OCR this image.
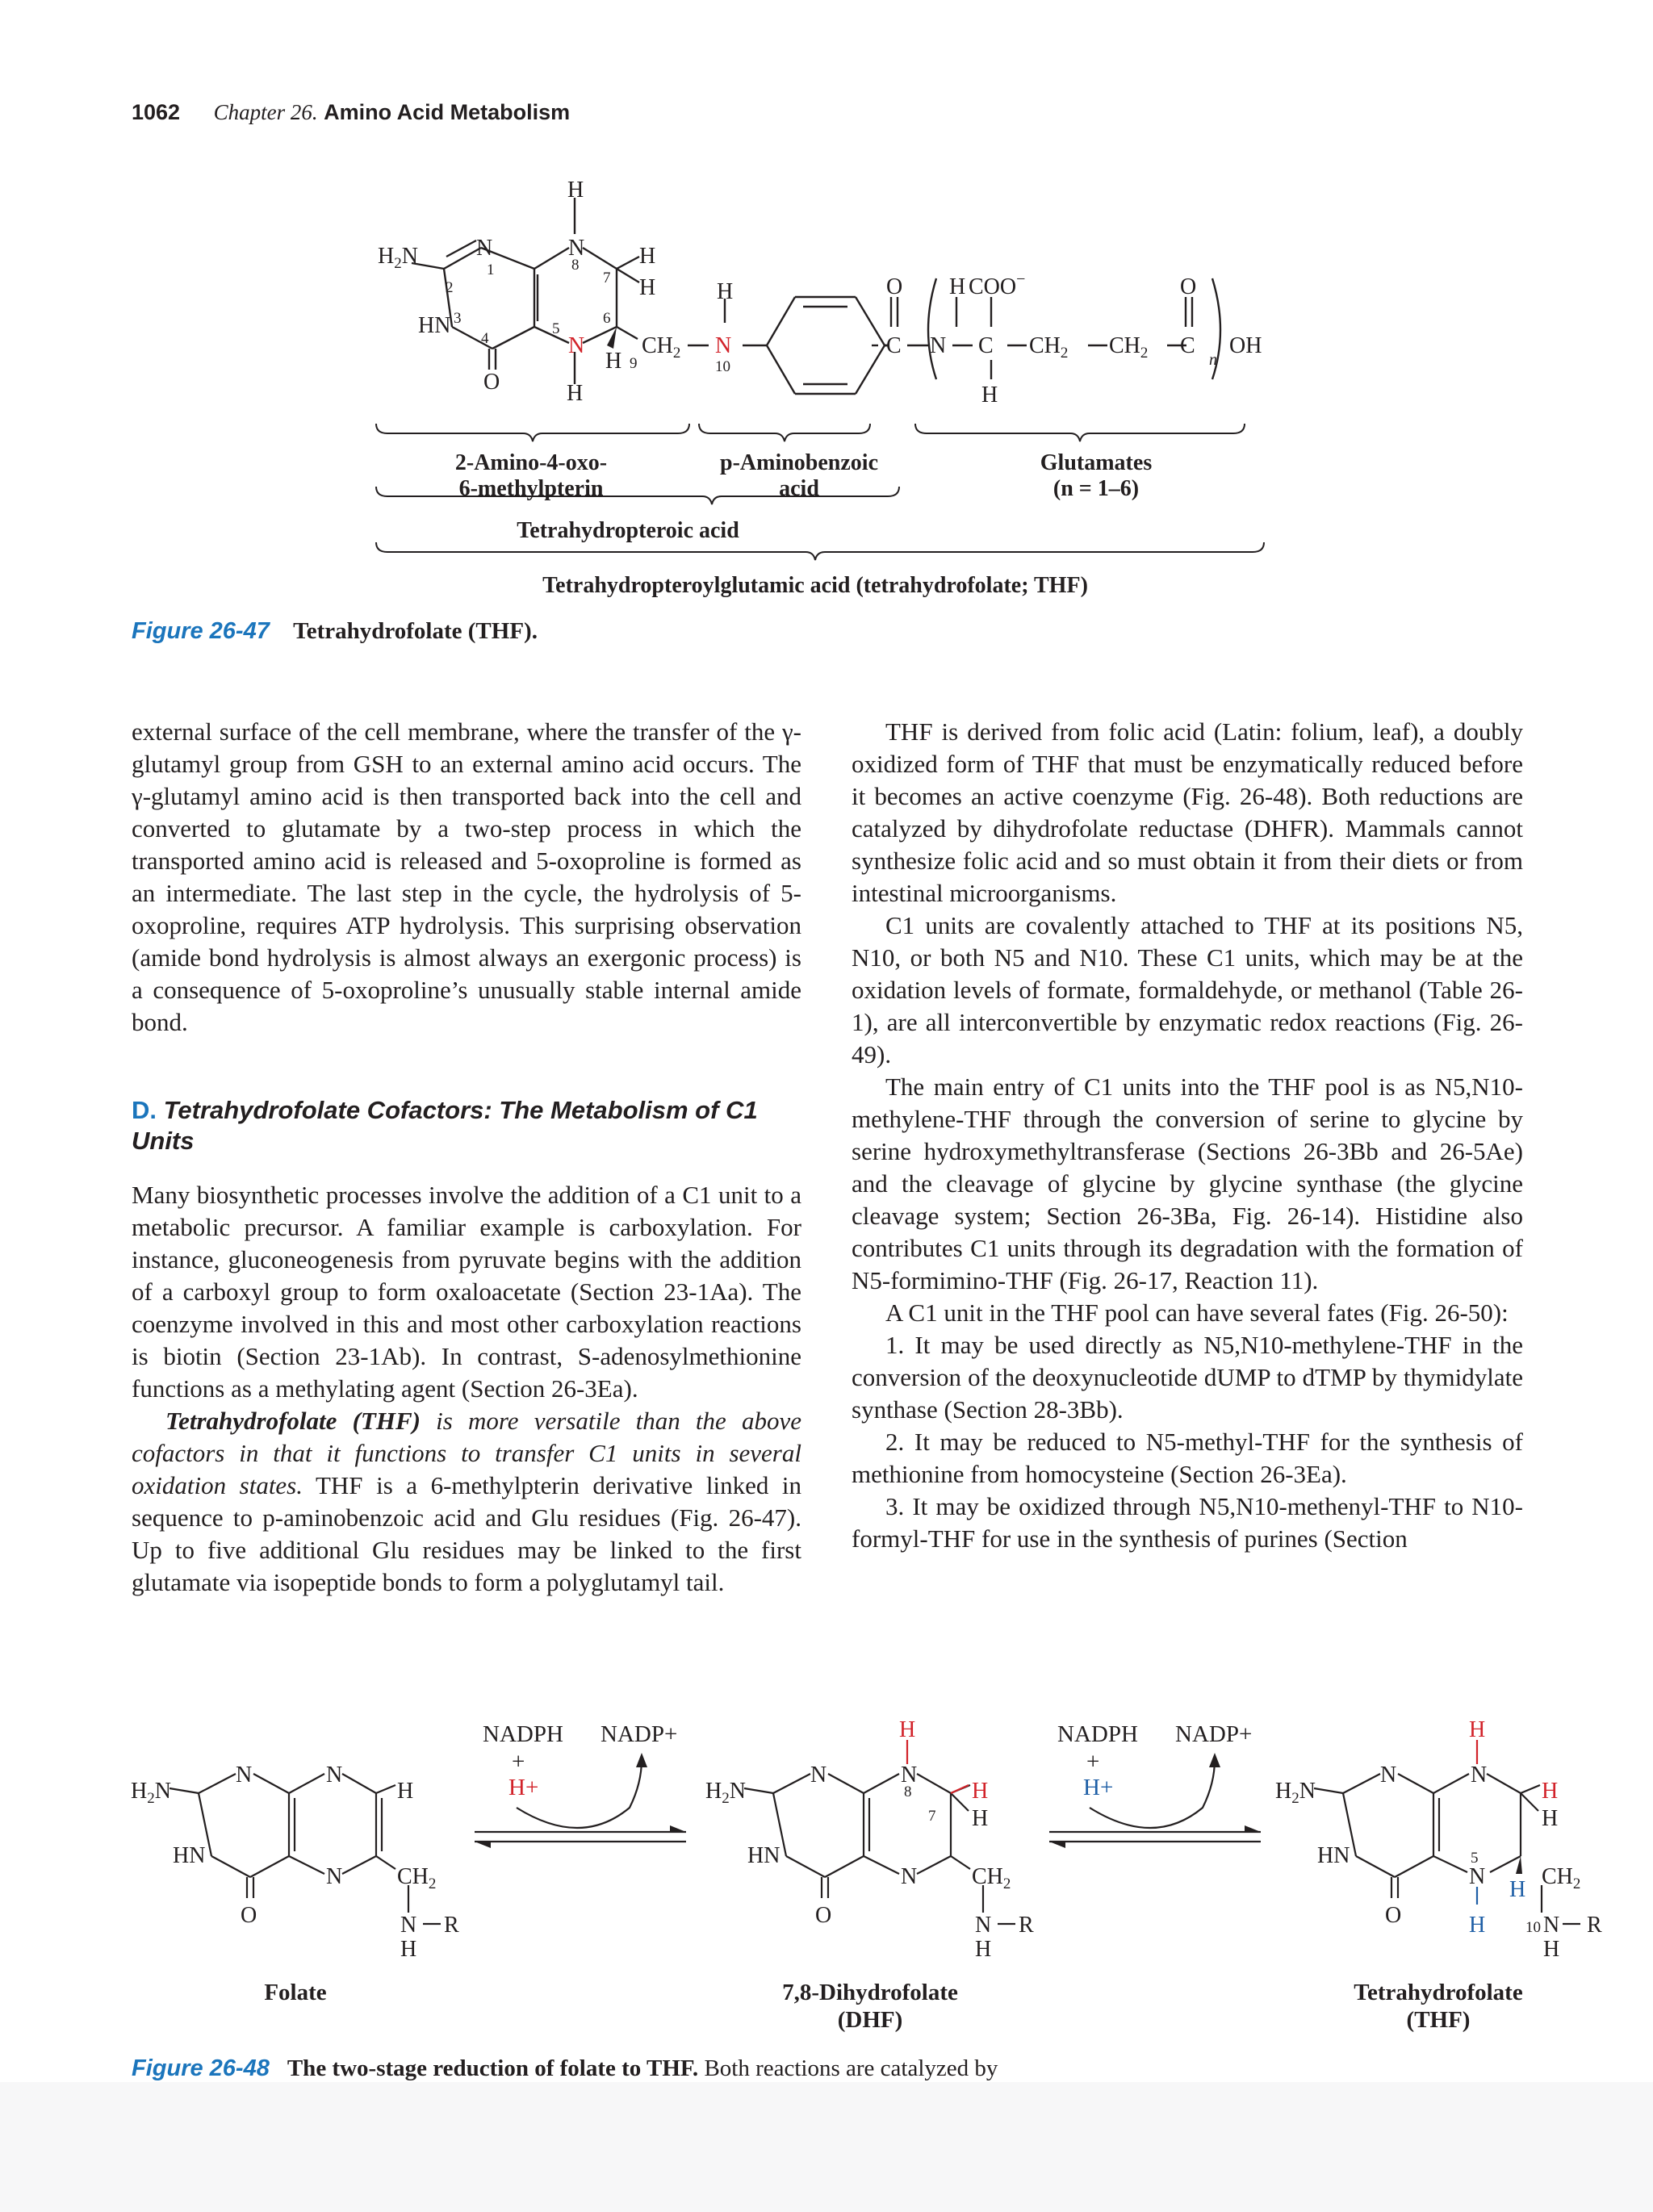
1062 Chapter 26. Amino Acid Metabolism
$H_2N$	N
1
2
HN 3
4
O
N
8
H
7
H
H
6
5
N
H 9
H
$CH_2$
H
N
10
O
C N
H
C
COO−
H
$CH_2$ $CH_2$
O
C
n
OH
2-Amino-4-oxo-
6-methylpterin
p-Aminobenzoic
acid
Glutamates
(n = 1–6)
Tetrahydropteroic acid
Tetrahydropteroylglutamic acid (tetrahydrofolate; THF)
Figure 26-47 Tetrahydrofolate (THF).

external surface of the cell membrane, where the transfer of the γ-glutamyl group from GSH to an external amino acid occurs. The γ-glutamyl amino acid is then transported back into the cell and converted to glutamate by a two-step process in which the transported amino acid is released and 5-oxoproline is formed as an intermediate. The last step in the cycle, the hydrolysis of 5-oxoproline, requires ATP hydrolysis. This surprising observation (amide bond hydrolysis is almost always an exergonic process) is a consequence of 5-oxoproline’s unusually stable internal amide bond.

D. Tetrahydrofolate Cofactors: The Metabolism of C1 Units

Many biosynthetic processes involve the addition of a C1 unit to a metabolic precursor. A familiar example is carboxylation. For instance, gluconeogenesis from pyruvate begins with the addition of a carboxyl group to form oxaloacetate (Section 23-1Aa). The coenzyme involved in this and most other carboxylation reactions is biotin (Section 23-1Ab). In contrast, S-adenosylmethionine functions as a methylating agent (Section 26-3Ea).

Tetrahydrofolate (THF) is more versatile than the above cofactors in that it functions to transfer C1 units in several oxidation states. THF is a 6-methylpterin derivative linked in sequence to p-aminobenzoic acid and Glu residues (Fig. 26-47). Up to five additional Glu residues may be linked to the first glutamate via isopeptide bonds to form a polyglutamyl tail.

THF is derived from folic acid (Latin: folium, leaf), a doubly oxidized form of THF that must be enzymatically reduced before it becomes an active coenzyme (Fig. 26-48). Both reductions are catalyzed by dihydrofolate reductase (DHFR). Mammals cannot synthesize folic acid and so must obtain it from their diets or from intestinal microorganisms.

C1 units are covalently attached to THF at its positions N5, N10, or both N5 and N10. These C1 units, which may be at the oxidation levels of formate, formaldehyde, or methanol (Table 26-1), are all interconvertible by enzymatic redox reactions (Fig. 26-49).

The main entry of C1 units into the THF pool is as N5,N10-methylene-THF through the conversion of serine to glycine by serine hydroxymethyltransferase (Sections 26-3Bb and 26-5Ae) and the cleavage of glycine by glycine synthase (the glycine cleavage system; Section 26-3Ba, Fig. 26-14). Histidine also contributes C1 units through its degradation with the formation of N5-formimino-THF (Fig. 26-17, Reaction 11).

A C1 unit in the THF pool can have several fates (Fig. 26-50):

1. It may be used directly as N5,N10-methylene-THF in the conversion of the deoxynucleotide dUMP to dTMP by thymidylate synthase (Section 28-3Bb).

2. It may be reduced to N5-methyl-THF for the synthesis of methionine from homocysteine (Section 26-3Ea).

3. It may be oxidized through N5,N10-methenyl-THF to N10-formyl-THF for use in the synthesis of purines (Section

$H_2N$
N	N
H
HN
N $CH_2$
O	N R
H
$H_2N$
N	N
8
7
H
H
H
HN
N $CH_2$
O	N R
H
$H_2N$
N	N
H
H
H
HN	5
N
H
$CH_2$
O	H	10 N R
H
NADPH
+
H+
NADP+	NADPH
+
H+
NADP+
Folate	7,8-Dihydrofolate
(DHF)
Tetrahydrofolate
(THF)
Figure 26-48 The two-stage reduction of folate to THF. Both reactions are catalyzed by
